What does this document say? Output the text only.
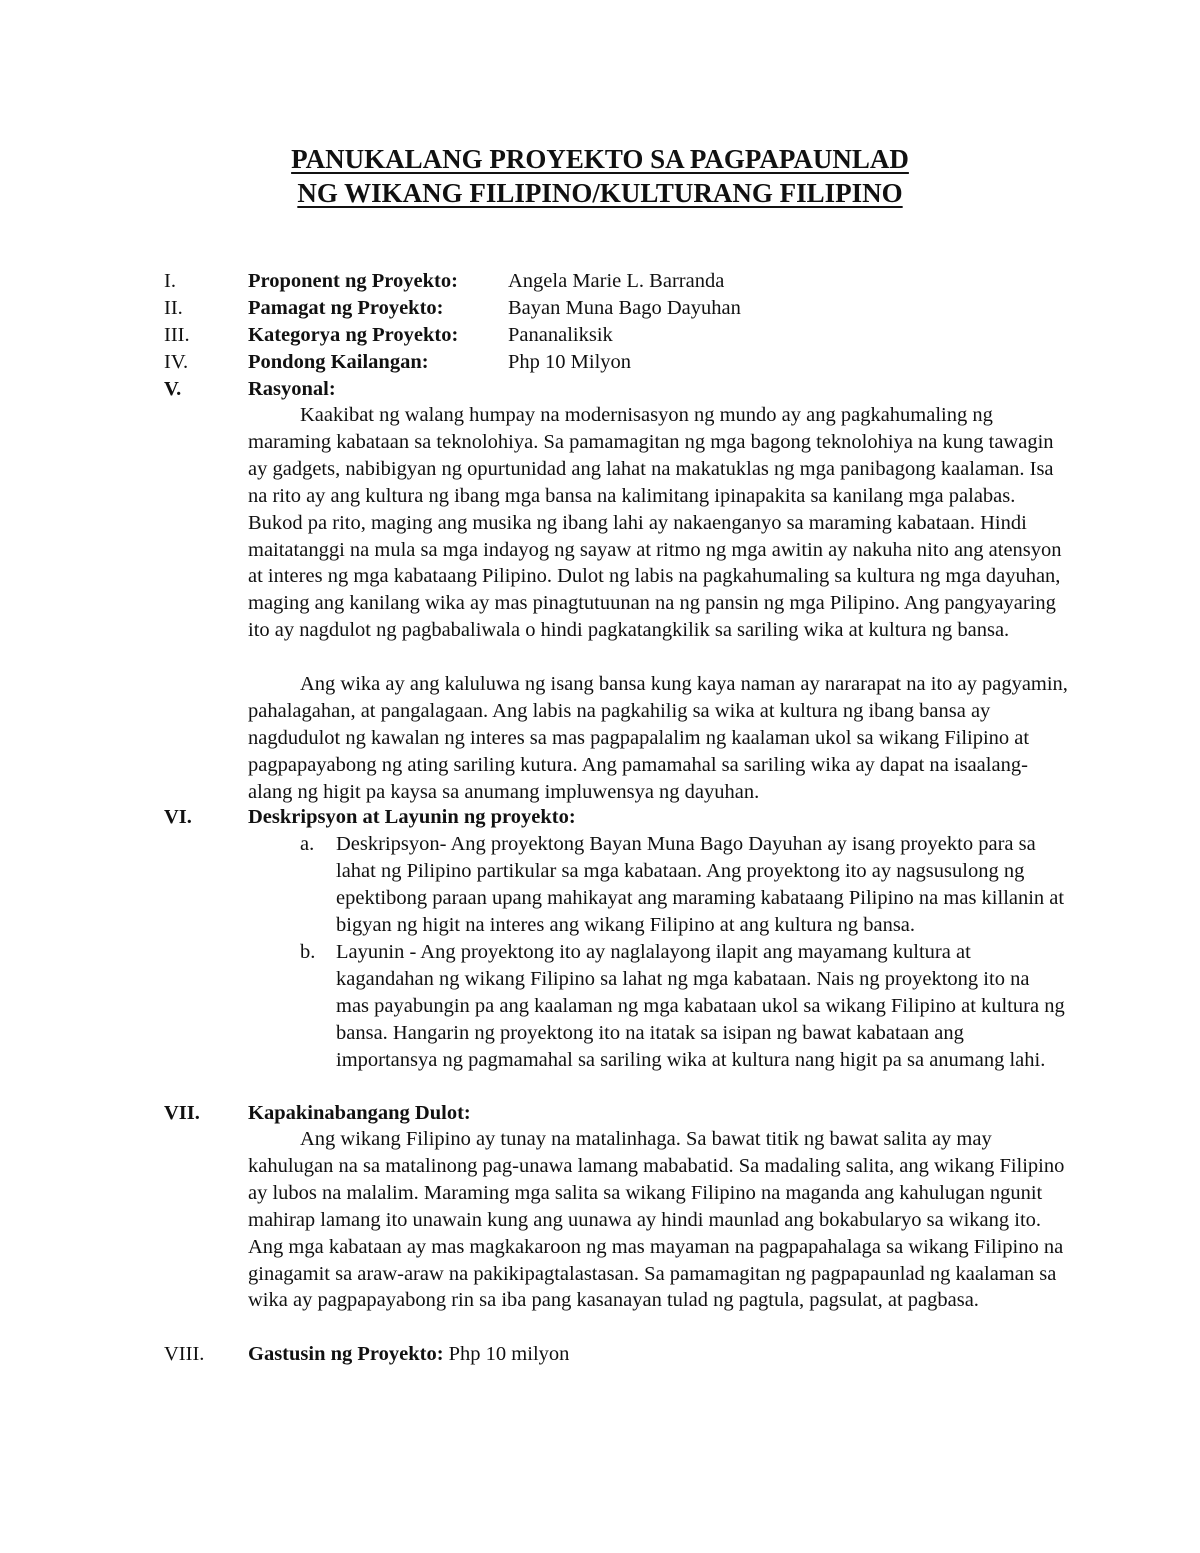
PANUKALANG PROYEKTO SA PAGPAPAUNLAD
NG WIKANG FILIPINO/KULTURANG FILIPINO
I.	Proponent ng Proyekto: Angela Marie L. Barranda
II.	Pamagat ng Proyekto:	Bayan Muna Bago Dayuhan
III.	Kategorya ng Proyekto: Pananaliksik
IV.	Pondong Kailangan:	Php 10 Milyon
V.	Rasyonal:

Kaakibat ng walang humpay na modernisasyon ng mundo ay ang pagkahumaling ng maraming kabataan sa teknolohiya. Sa pamamagitan ng mga bagong teknolohiya na kung tawagin ay gadgets, nabibigyan ng opurtunidad ang lahat na makatuklas ng mga panibagong kaalaman. Isa na rito ay ang kultura ng ibang mga bansa na kalimitang ipinapakita sa kanilang mga palabas. Bukod pa rito, maging ang musika ng ibang lahi ay nakaenganyo sa maraming kabataan. Hindi maitatanggi na mula sa mga indayog ng sayaw at ritmo ng mga awitin ay nakuha nito ang atensyon at interes ng mga kabataang Pilipino. Dulot ng labis na pagkahumaling sa kultura ng mga dayuhan, maging ang kanilang wika ay mas pinagtutuunan na ng pansin ng mga Pilipino. Ang pangyayaring ito ay nagdulot ng pagbabaliwala o hindi pagkatangkilik sa sariling wika at kultura ng bansa.

Ang wika ay ang kaluluwa ng isang bansa kung kaya naman ay nararapat na ito ay pagyamin, pahalagahan, at pangalagaan. Ang labis na pagkahilig sa wika at kultura ng ibang bansa ay nagdudulot ng kawalan ng interes sa mas pagpapalalim ng kaalaman ukol sa wikang Filipino at pagpapayabong ng ating sariling kutura. Ang pamamahal sa sariling wika ay dapat na isaalang-alang ng higit pa kaysa sa anumang impluwensya ng dayuhan.

VI.	Deskripsyon at Layunin ng proyekto:
a. Deskripsyon- Ang proyektong Bayan Muna Bago Dayuhan ay isang proyekto para sa lahat ng Pilipino partikular sa mga kabataan. Ang proyektong ito ay nagsusulong ng epektibong paraan upang mahikayat ang maraming kabataang Pilipino na mas killanin at bigyan ng higit na interes ang wikang Filipino at ang kultura ng bansa.

b. Layunin - Ang proyektong ito ay naglalayong ilapit ang mayamang kultura at kagandahan ng wikang Filipino sa lahat ng mga kabataan. Nais ng proyektong ito na mas payabungin pa ang kaalaman ng mga kabataan ukol sa wikang Filipino at kultura ng bansa. Hangarin ng proyektong ito na itatak sa isipan ng bawat kabataan ang importansya ng pagmamahal sa sariling wika at kultura nang higit pa sa anumang lahi.

VII. Kapakinabangang Dulot:

Ang wikang Filipino ay tunay na matalinhaga. Sa bawat titik ng bawat salita ay may kahulugan na sa matalinong pag-unawa lamang mababatid. Sa madaling salita, ang wikang Filipino ay lubos na malalim. Maraming mga salita sa wikang Filipino na maganda ang kahulugan ngunit mahirap lamang ito unawain kung ang uunawa ay hindi maunlad ang bokabularyo sa wikang ito. Ang mga kabataan ay mas magkakaroon ng mas mayaman na pagpapahalaga sa wikang Filipino na ginagamit sa araw-araw na pakikipagtalastasan. Sa pamamagitan ng pagpapaunlad ng kaalaman sa wika ay pagpapayabong rin sa iba pang kasanayan tulad ng pagtula, pagsulat, at pagbasa.

VIII. Gastusin ng Proyekto: Php 10 milyon
